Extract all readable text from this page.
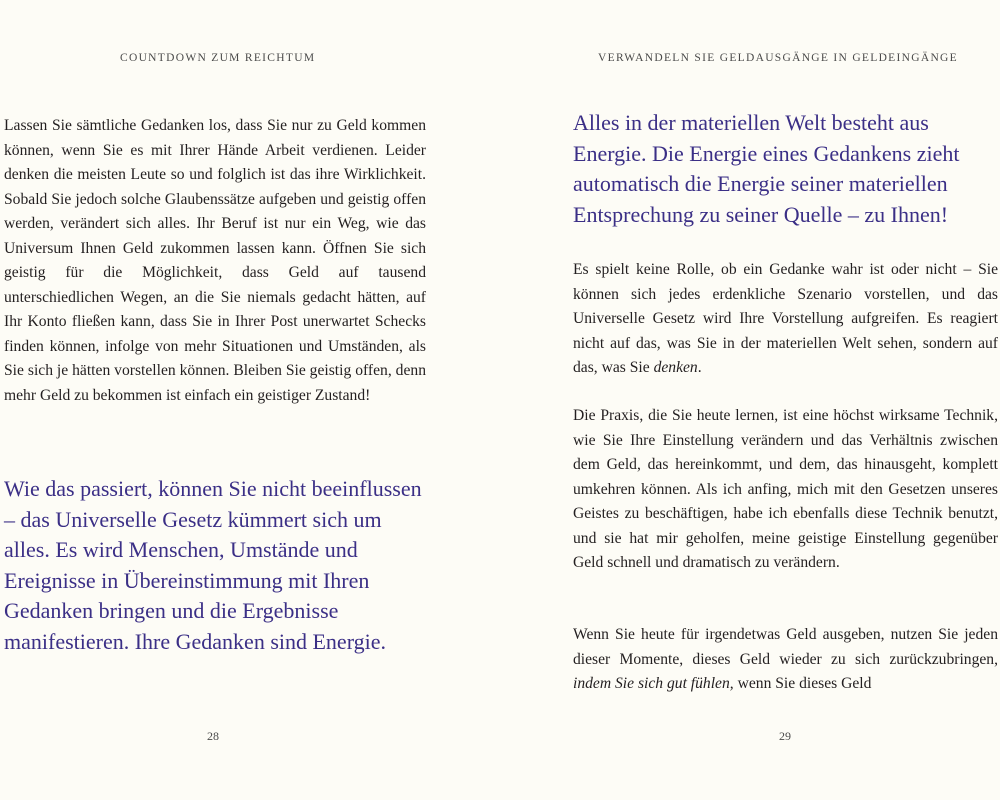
COUNTDOWN ZUM REICHTUM

Lassen Sie sämtliche Gedanken los, dass Sie nur zu Geld kommen können, wenn Sie es mit Ihrer Hände Arbeit verdienen. Leider denken die meisten Leute so und folglich ist das ihre Wirklichkeit. Sobald Sie jedoch solche Glaubenssätze aufgeben und geistig offen werden, verändert sich alles. Ihr Beruf ist nur ein Weg, wie das Universum Ihnen Geld zukommen lassen kann. Öffnen Sie sich geistig für die Möglichkeit, dass Geld auf tausend unterschiedlichen Wegen, an die Sie niemals gedacht hätten, auf Ihr Konto fließen kann, dass Sie in Ihrer Post unerwartet Schecks finden können, infolge von mehr Situationen und Umständen, als Sie sich je hätten vorstellen können. Bleiben Sie geistig offen, denn mehr Geld zu bekommen ist einfach ein geistiger Zustand!

Wie das passiert, können Sie nicht beeinflussen – das Universelle Gesetz kümmert sich um alles. Es wird Menschen, Umstände und Ereignisse in Übereinstimmung mit Ihren Gedanken bringen und die Ergebnisse manifestieren. Ihre Gedanken sind Energie.

28
VERWANDELN SIE GELDAUSGÄNGE IN GELDEINGÄNGE

Alles in der materiellen Welt besteht aus Energie. Die Energie eines Gedankens zieht automatisch die Energie seiner materiellen Entsprechung zu seiner Quelle – zu Ihnen!

Es spielt keine Rolle, ob ein Gedanke wahr ist oder nicht – Sie können sich jedes erdenkliche Szenario vorstellen, und das Universelle Gesetz wird Ihre Vorstellung aufgreifen. Es reagiert nicht auf das, was Sie in der materiellen Welt sehen, sondern auf das, was Sie denken.

Die Praxis, die Sie heute lernen, ist eine höchst wirksame Technik, wie Sie Ihre Einstellung verändern und das Verhältnis zwischen dem Geld, das hereinkommt, und dem, das hinausgeht, komplett umkehren können. Als ich anfing, mich mit den Gesetzen unseres Geistes zu beschäftigen, habe ich ebenfalls diese Technik benutzt, und sie hat mir geholfen, meine geistige Einstellung gegenüber Geld schnell und dramatisch zu verändern.

Wenn Sie heute für irgendetwas Geld ausgeben, nutzen Sie jeden dieser Momente, dieses Geld wieder zu sich zurückzubringen, indem Sie sich gut fühlen, wenn Sie dieses Geld

29
